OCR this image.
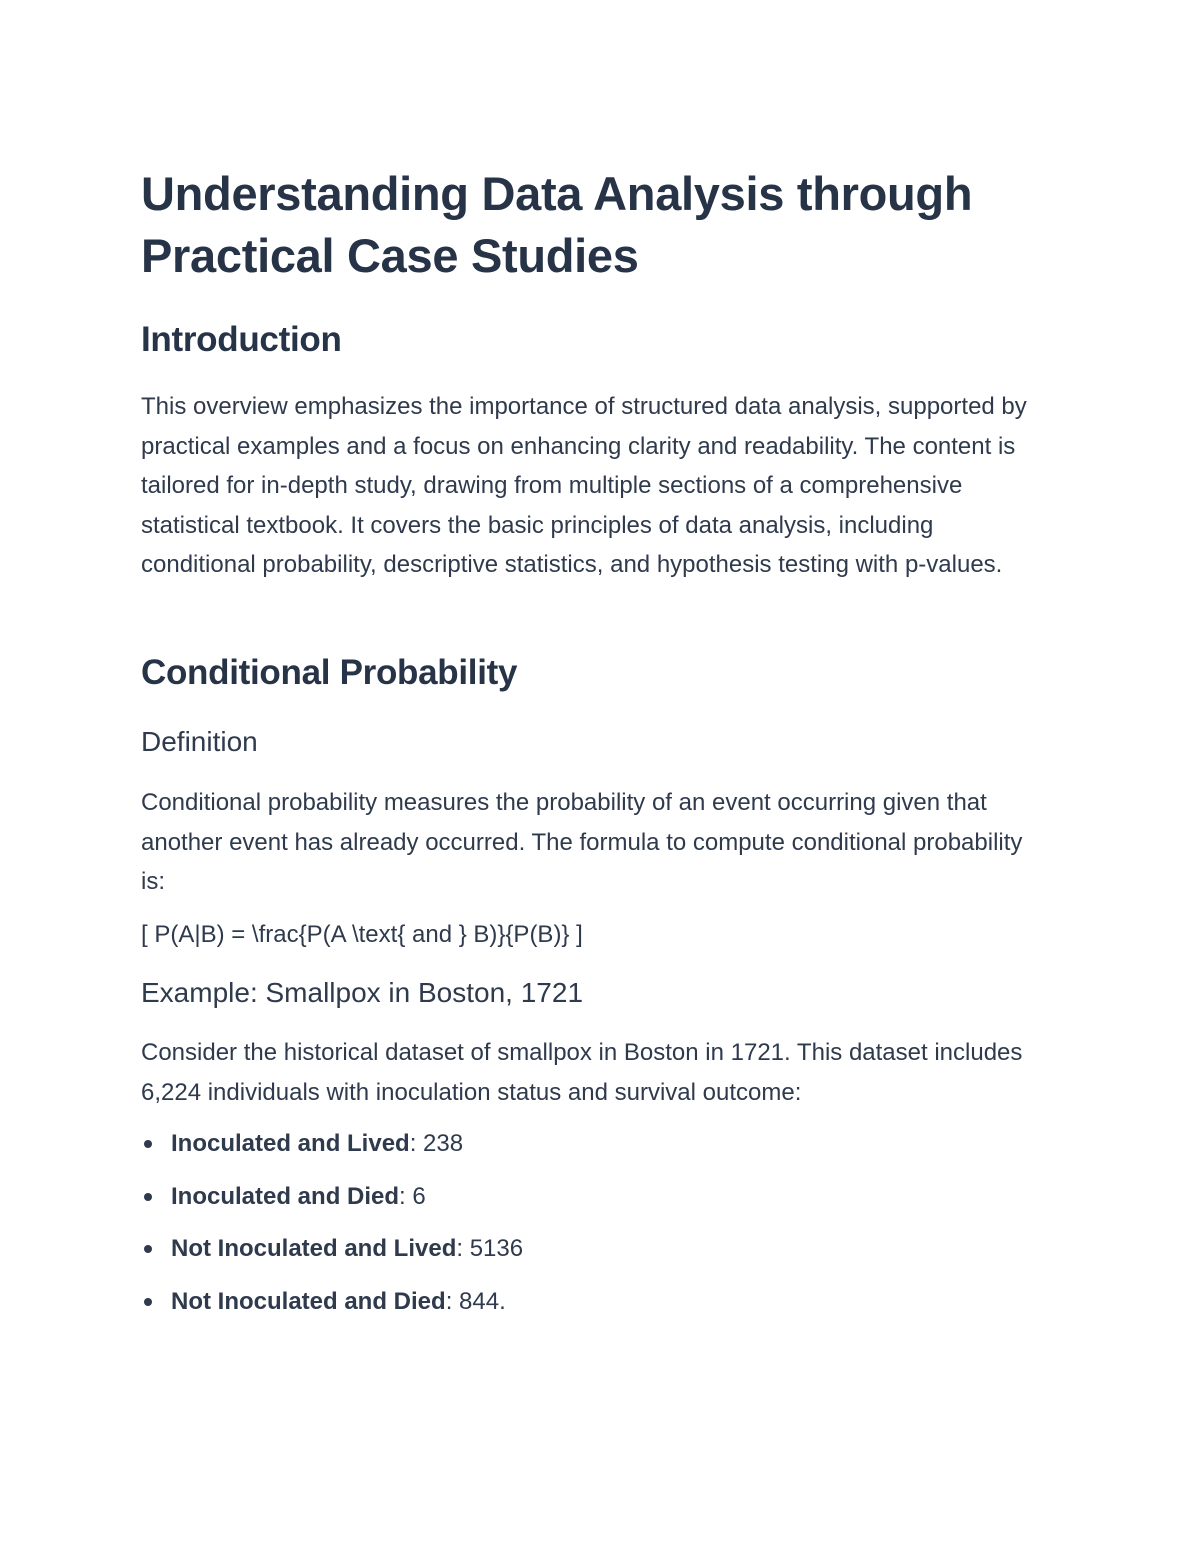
Understanding Data Analysis through Practical Case Studies
Introduction

This overview emphasizes the importance of structured data analysis, supported by practical examples and a focus on enhancing clarity and readability. The content is tailored for in-depth study, drawing from multiple sections of a comprehensive statistical textbook. It covers the basic principles of data analysis, including conditional probability, descriptive statistics, and hypothesis testing with p-values.

Conditional Probability
Definition

Conditional probability measures the probability of an event occurring given that another event has already occurred. The formula to compute conditional probability is:

[ P(A|B) = \frac{P(A \text{ and } B)}{P(B)} ]

Example: Smallpox in Boston, 1721

Consider the historical dataset of smallpox in Boston in 1721. This dataset includes 6,224 individuals with inoculation status and survival outcome:

Inoculated and Lived: 238
Inoculated and Died: 6
Not Inoculated and Lived: 5136
Not Inoculated and Died: 844.
